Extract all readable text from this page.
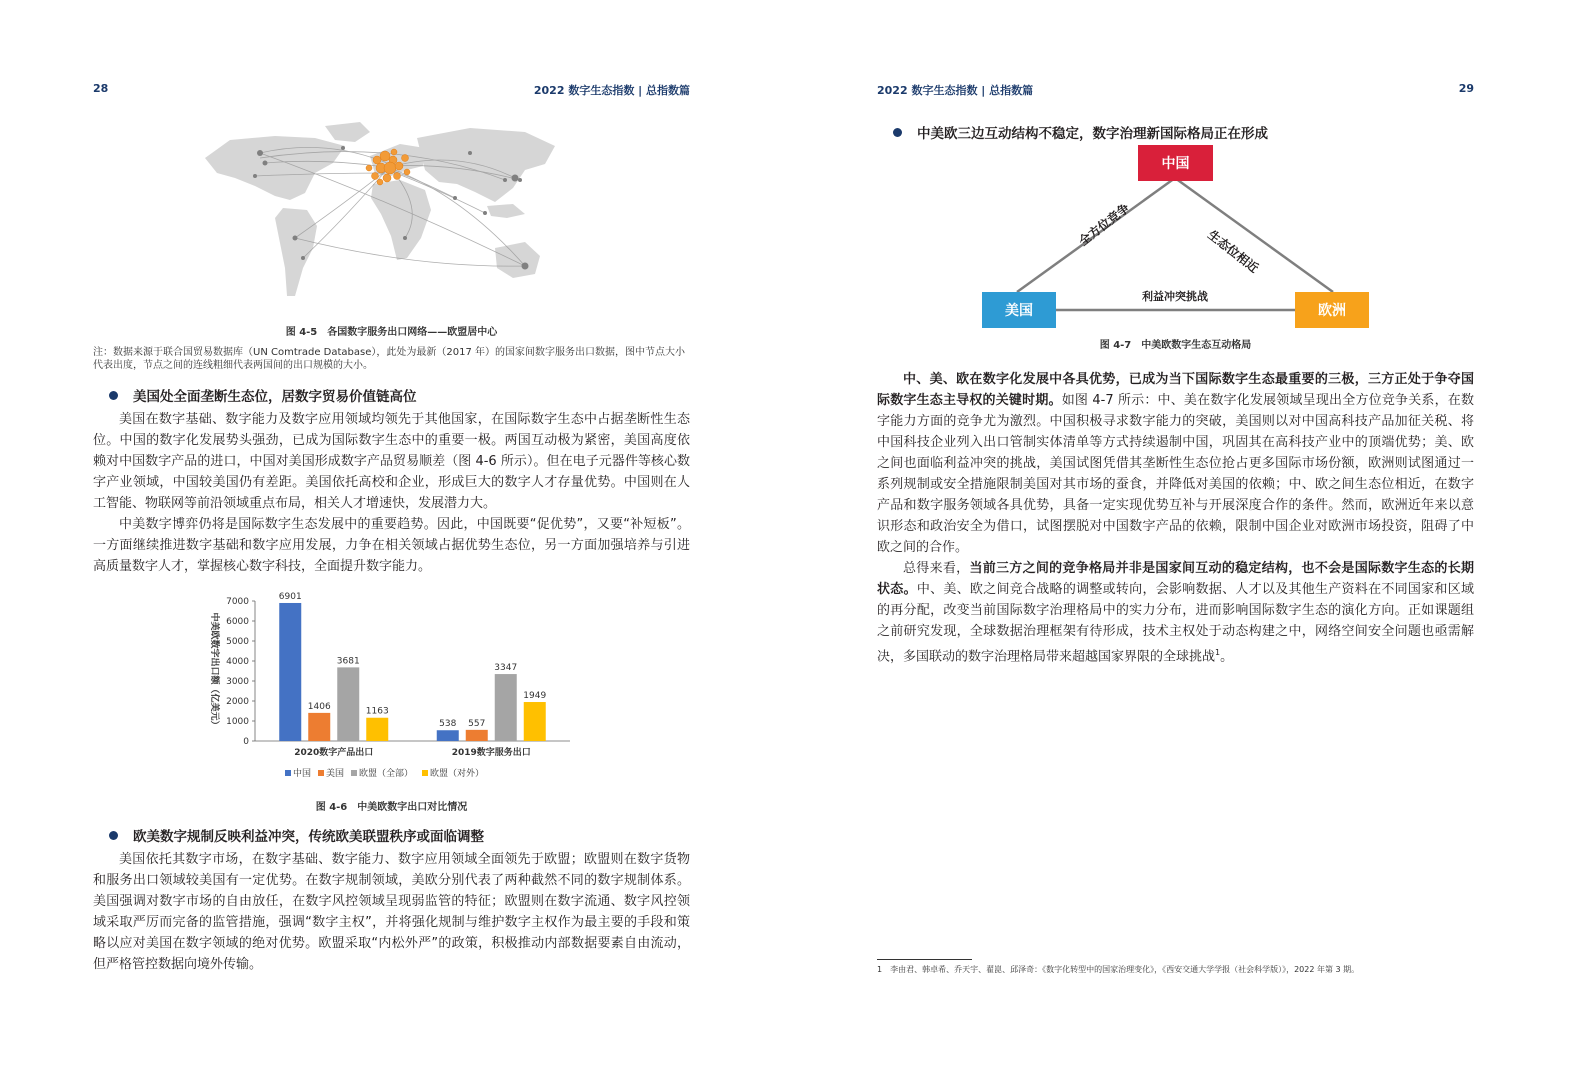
28	2022 数字生态指数 | 总指数篇
图 4-5　各国数字服务出口网络——欧盟居中心
注：数据来源于联合国贸易数据库（UN Comtrade Database），此处为最新（2017 年）的国家间数字服务出口数据，图中节点大小代表出度，节点之间的连线粗细代表两国间的出口规模的大小。
美国处全面垄断生态位，居数字贸易价值链高位

美国在数字基础、数字能力及数字应用领域均领先于其他国家，在国际数字生态中占据垄断性生态位。中国的数字化发展势头强劲，已成为国际数字生态中的重要一极。两国互动极为紧密，美国高度依赖对中国数字产品的进口，中国对美国形成数字产品贸易顺差（图 4-6 所示）。但在电子元器件等核心数字产业领域，中国较美国仍有差距。美国依托高校和企业，形成巨大的数字人才存量优势。中国则在人工智能、物联网等前沿领域重点布局，相关人才增速快，发展潜力大。

中美数字博弈仍将是国际数字生态发展中的重要趋势。因此，中国既要“促优势”，又要“补短板”。一方面继续推进数字基础和数字应用发展，力争在相关领域占据优势生态位，另一方面加强培养与引进高质量数字人才，掌握核心数字科技，全面提升数字能力。

中美欧数字出口额（亿美元）
0
1000
2000
3000
4000
5000
6000
7000
6901
1406
3681
1163
2020数字产品出口
538 557
3347
1949
2019数字服务出口
中国 美国 欧盟（全部） 欧盟（对外）
图 4-6　中美欧数字出口对比情况
欧美数字规制反映利益冲突，传统欧美联盟秩序或面临调整

美国依托其数字市场，在数字基础、数字能力、数字应用领域全面领先于欧盟；欧盟则在数字货物和服务出口领域较美国有一定优势。在数字规制领域，美欧分别代表了两种截然不同的数字规制体系。美国强调对数字市场的自由放任，在数字风控领域呈现弱监管的特征；欧盟则在数字流通、数字风控领域采取严厉而完备的监管措施，强调“数字主权”，并将强化规制与维护数字主权作为最主要的手段和策略以应对美国在数字领域的绝对优势。欧盟采取“内松外严”的政策，积极推动内部数据要素自由流动，但严格管控数据向境外传输。

2022 数字生态指数 | 总指数篇	29
中美欧三边互动结构不稳定，数字治理新国际格局正在形成
中国
美国	欧洲
全方位竞争
生态位相近
利益冲突挑战
图 4-7　中美欧数字生态互动格局

中、美、欧在数字化发展中各具优势，已成为当下国际数字生态最重要的三极，三方正处于争夺国际数字生态主导权的关键时期。如图 4-7 所示：中、美在数字化发展领域呈现出全方位竞争关系，在数字能力方面的竞争尤为激烈。中国积极寻求数字能力的突破，美国则以对中国高科技产品加征关税、将中国科技企业列入出口管制实体清单等方式持续遏制中国，巩固其在高科技产业中的顶端优势；美、欧之间也面临利益冲突的挑战，美国试图凭借其垄断性生态位抢占更多国际市场份额，欧洲则试图通过一系列规制或安全措施限制美国对其市场的蚕食，并降低对美国的依赖；中、欧之间生态位相近，在数字产品和数字服务领域各具优势，具备一定实现优势互补与开展深度合作的条件。然而，欧洲近年来以意识形态和政治安全为借口，试图摆脱对中国数字产品的依赖，限制中国企业对欧洲市场投资，阻碍了中欧之间的合作。

总得来看，当前三方之间的竞争格局并非是国家间互动的稳定结构，也不会是国际数字生态的长期状态。中、美、欧之间竞合战略的调整或转向，会影响数据、人才以及其他生产资料在不同国家和区域的再分配，改变当前国际数字治理格局中的实力分布，进而影响国际数字生态的演化方向。正如课题组之前研究发现，全球数据治理框架有待形成，技术主权处于动态构建之中，网络空间安全问题也亟需解决，多国联动的数字治理格局带来超越国家界限的全球挑战$^1$。

1　李由君、韩卓希、乔天宇、翟崑、邱泽奇：《数字化转型中的国家治理变化》，《西安交通大学学报（社会科学版）》，2022 年第 3 期。
